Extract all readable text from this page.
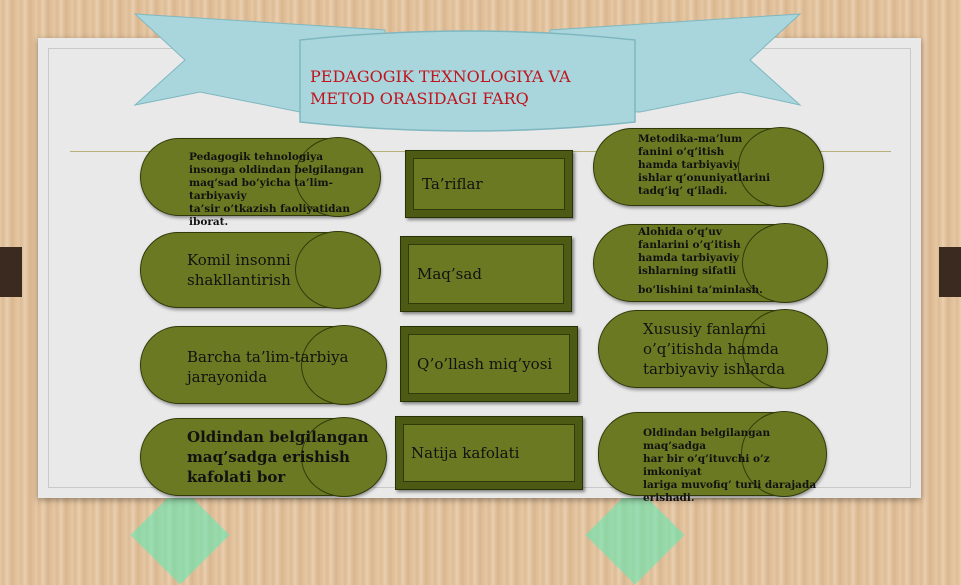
PEDAGOGIK TEXNOLOGIYA VA
METOD ORASIDAGI FARQ
Ta’riflar
Maq’sad
Q’o’llash miq’yosi
Natija kafolati
Pedagogik tehnologiya
insonga oldindan belgilangan
maq’sad bo’yicha ta’lim-tarbiyaviy
ta’sir o’tkazish faoliyatidan iborat.
Komil insonni
shakllantirish
Barcha ta’lim-tarbiya
jarayonida
Oldindan belgilangan
maq’sadga erishish
kafolati bor
Metodika-ma’lum
fanini o’q’itish
hamda tarbiyaviy
ishlar q’onuniyatlarini
tadq’iq’ q’iladi.
Alohida o’q’uv
fanlarini o’q’itish
hamda tarbiyaviy
ishlarning sifatli
bo’lishini ta’minlash.
Xususiy fanlarni
o’q’itishda hamda
tarbiyaviy ishlarda
Oldindan belgilangan maq’sadga
har bir o’q’ituvchi o’z imkoniyat
lariga muvofiq’ turli darajada
erishadi.
